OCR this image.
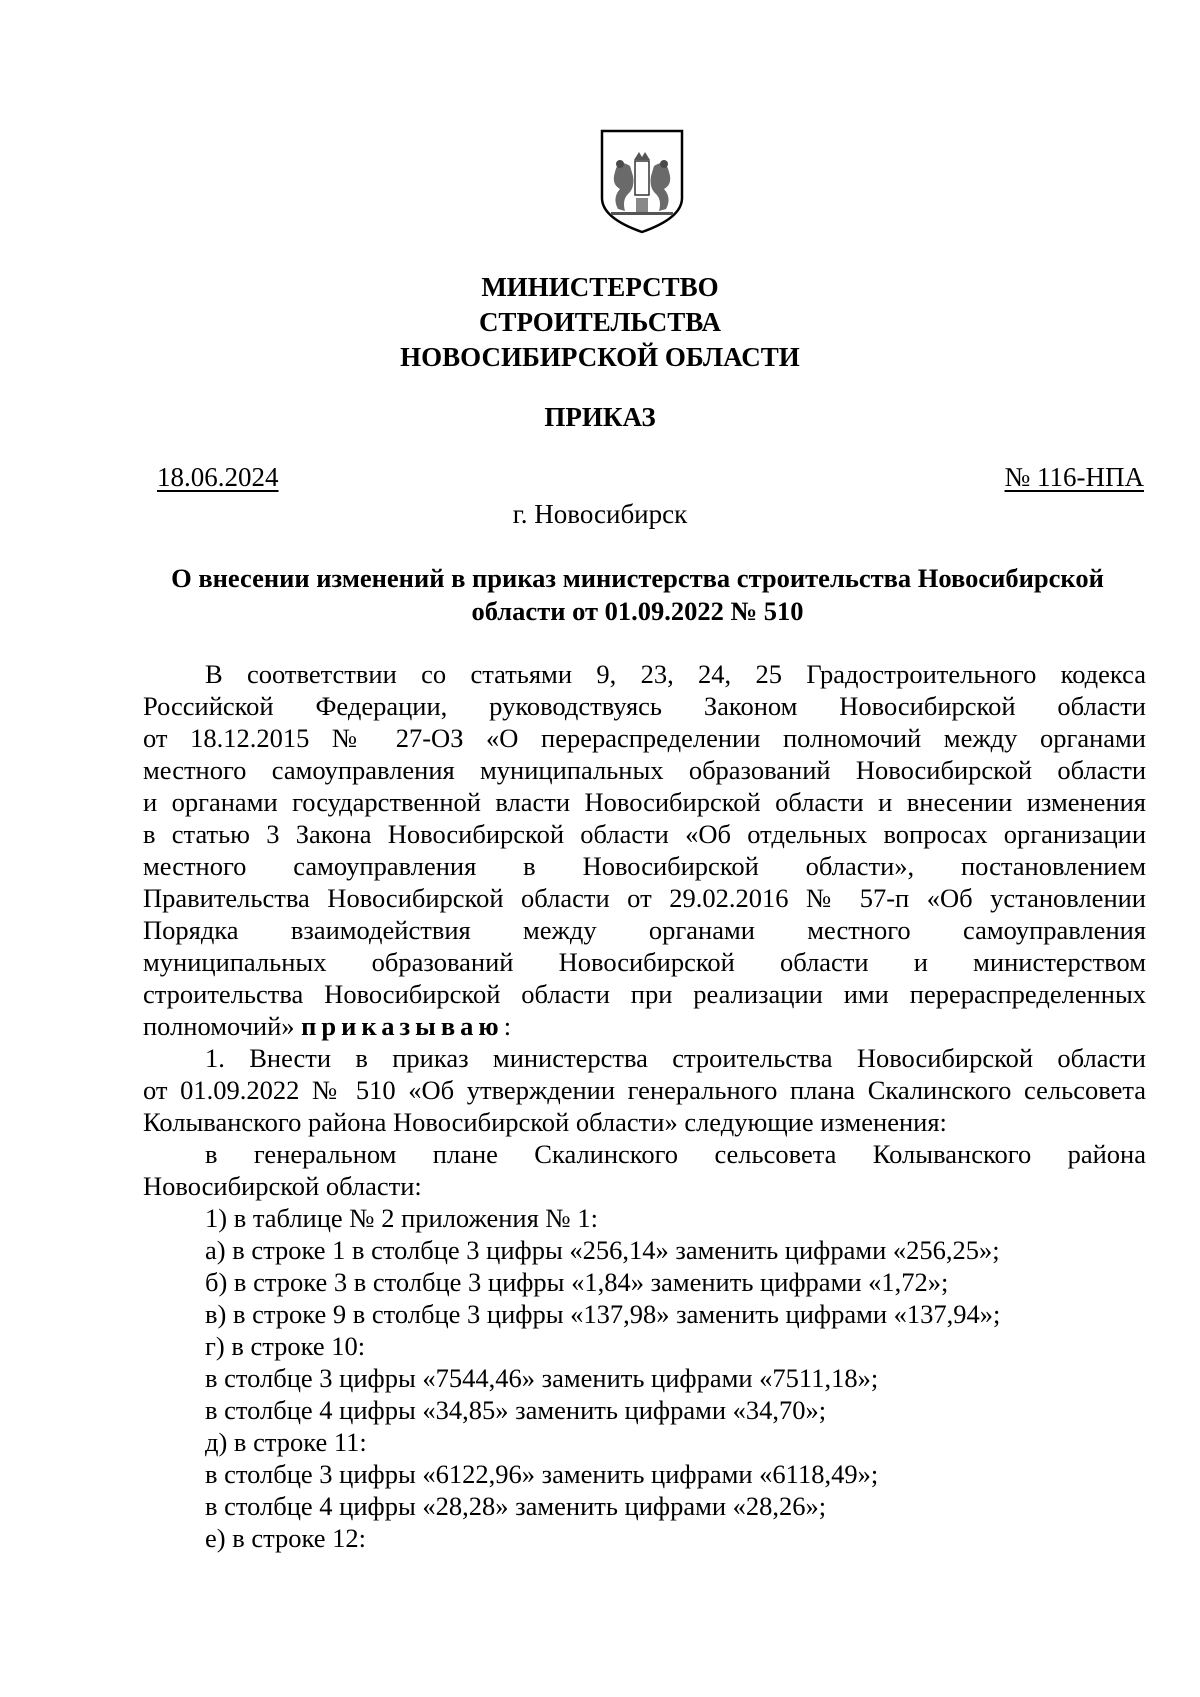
МИНИСТЕРСТВО
СТРОИТЕЛЬСТВА
НОВОСИБИРСКОЙ ОБЛАСТИ
ПРИКАЗ
18.06.2024	№ 116-НПА
г. Новосибирск
О внесении изменений в приказ министерства строительства Новосибирской
области от 01.09.2022 № 510
В соответствии со статьями 9, 23, 24, 25 Градостроительного кодекса
Российской Федерации, руководствуясь Законом Новосибирской области
от 18.12.2015 № 27-ОЗ «О перераспределении полномочий между органами
местного самоуправления муниципальных образований Новосибирской области
и органами государственной власти Новосибирской области и внесении изменения
в статью 3 Закона Новосибирской области «Об отдельных вопросах организации
местного самоуправления в Новосибирской области», постановлением
Правительства Новосибирской области от 29.02.2016 № 57-п «Об установлении
Порядка взаимодействия между органами местного самоуправления
муниципальных образований Новосибирской области и министерством
строительства Новосибирской области при реализации ими перераспределенных
полномочий» приказываю:
1. Внести в приказ министерства строительства Новосибирской области
от 01.09.2022 № 510 «Об утверждении генерального плана Скалинского сельсовета
Колыванского района Новосибирской области» следующие изменения:
в генеральном плане Скалинского сельсовета Колыванского района
Новосибирской области:
1) в таблице № 2 приложения № 1:
а) в строке 1 в столбце 3 цифры «256,14» заменить цифрами «256,25»;
б) в строке 3 в столбце 3 цифры «1,84» заменить цифрами «1,72»;
в) в строке 9 в столбце 3 цифры «137,98» заменить цифрами «137,94»;
г) в строке 10:
в столбце 3 цифры «7544,46» заменить цифрами «7511,18»;
в столбце 4 цифры «34,85» заменить цифрами «34,70»;
д) в строке 11:
в столбце 3 цифры «6122,96» заменить цифрами «6118,49»;
в столбце 4 цифры «28,28» заменить цифрами «28,26»;
е) в строке 12:
